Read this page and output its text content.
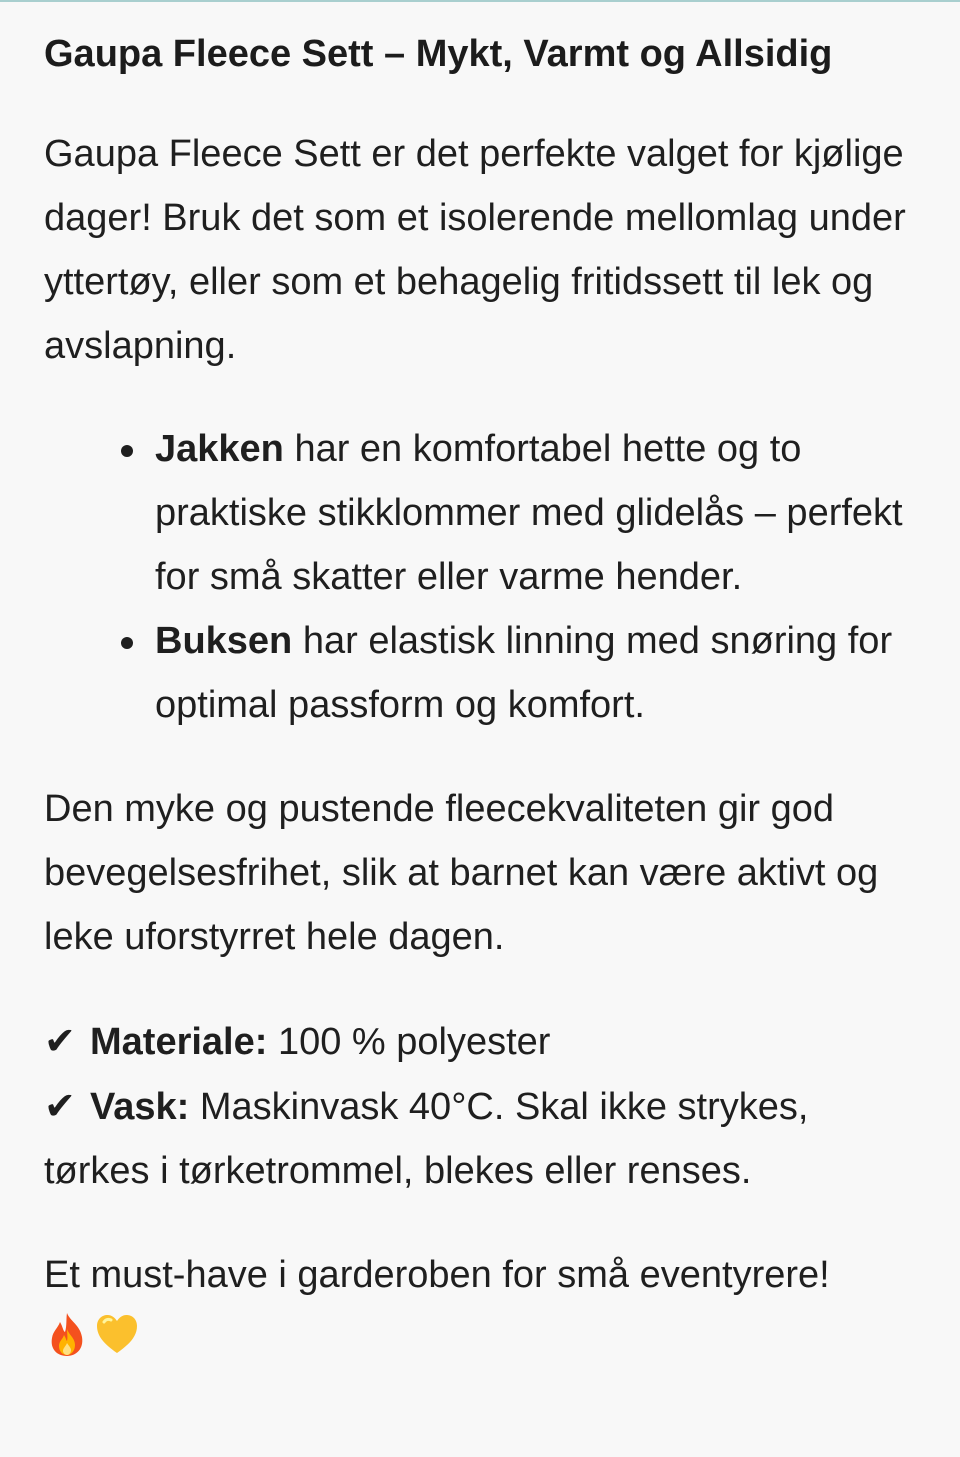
Gaupa Fleece Sett – Mykt, Varmt og Allsidig

Gaupa Fleece Sett er det perfekte valget for kjølige dager! Bruk det som et isolerende mellomlag under yttertøy, eller som et behagelig fritidssett til lek og avslapning.

Jakken har en komfortabel hette og to praktiske stikklommer med glidelås – perfekt for små skatter eller varme hender.
Buksen har elastisk linning med snøring for optimal passform og komfort.

Den myke og pustende fleecekvaliteten gir god bevegelsesfrihet, slik at barnet kan være aktivt og leke uforstyrret hele dagen.

✔ Materiale: 100 % polyester
✔ Vask: Maskinvask 40°C. Skal ikke strykes, tørkes i tørketrommel, blekes eller renses.

Et must-have i garderoben for små eventyrere!
